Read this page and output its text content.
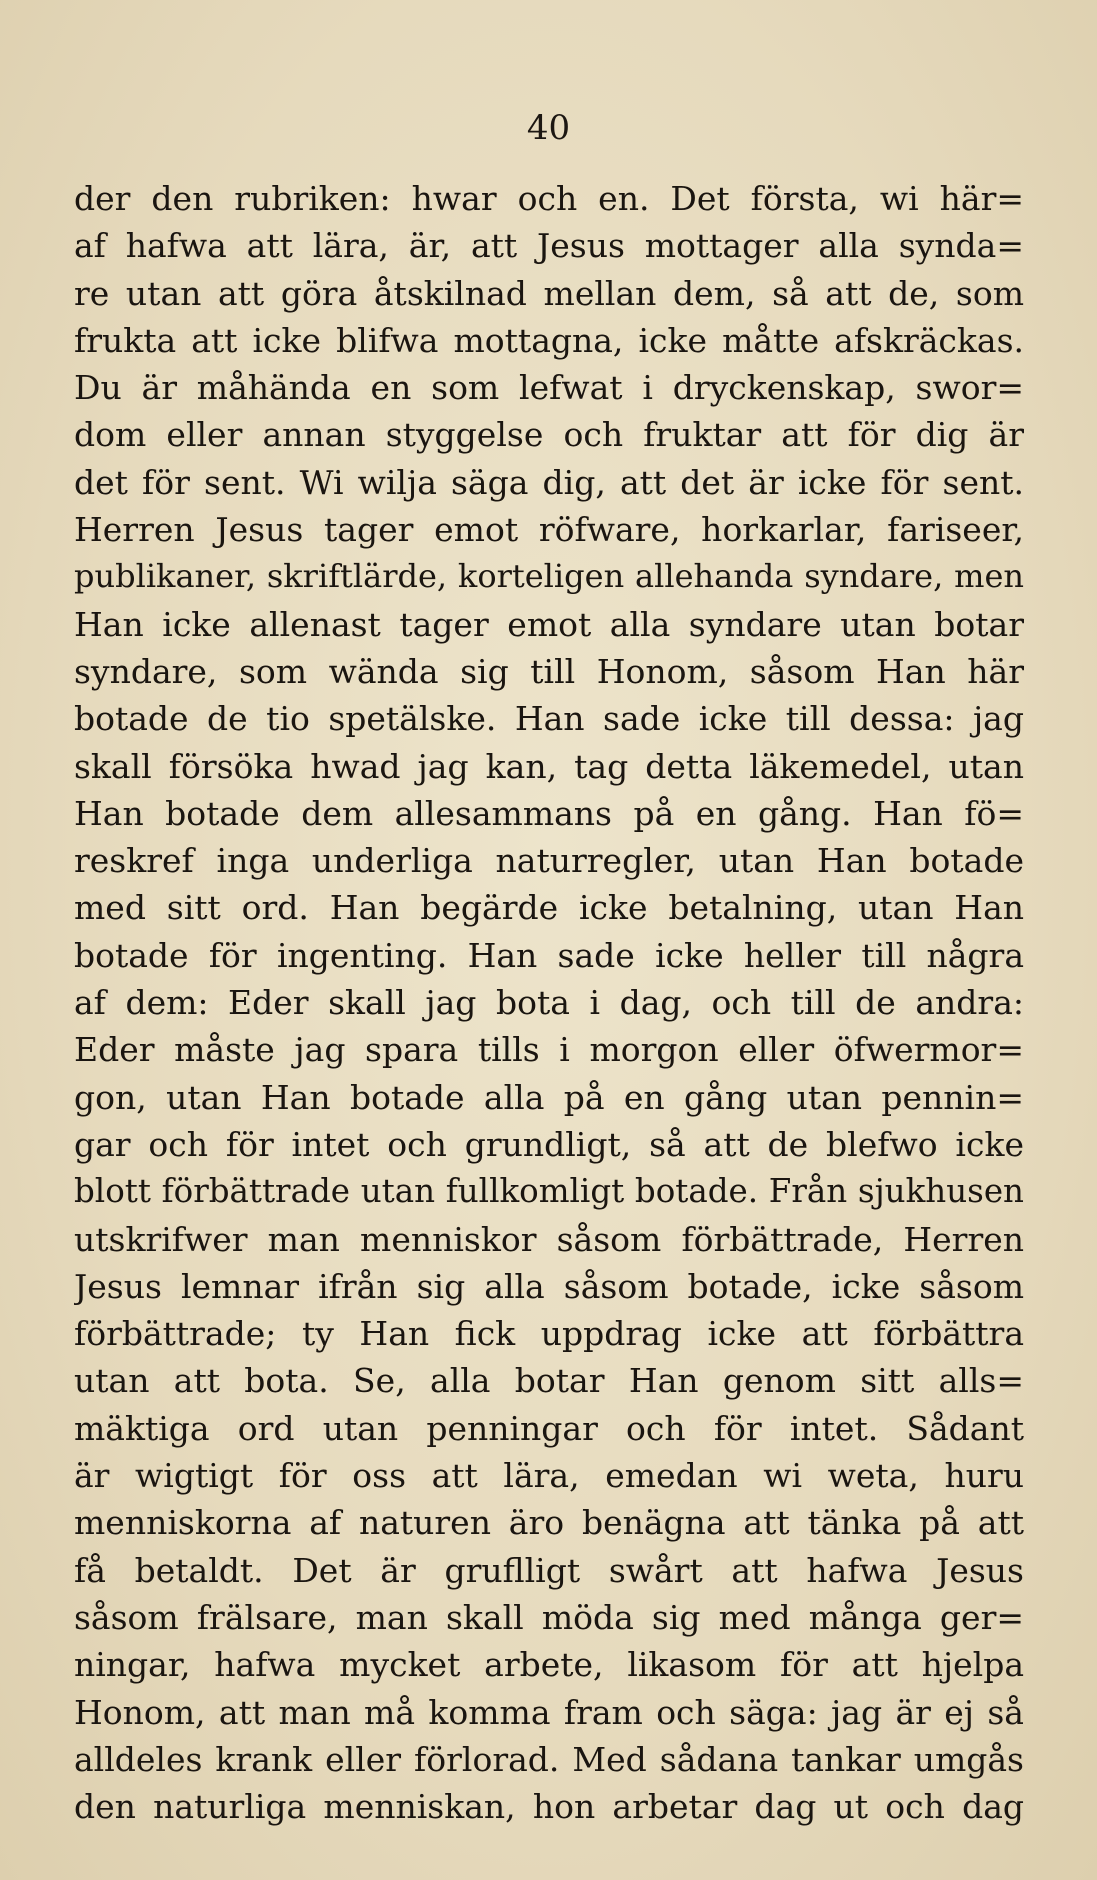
40
der den rubriken: hwar och en. Det första, wi här=
af hafwa att lära, är, att Jesus mottager alla synda=
re utan att göra åtskilnad mellan dem, så att de, som
frukta att icke blifwa mottagna, icke måtte afskräckas.
Du är måhända en som lefwat i dryckenskap, swor=
dom eller annan styggelse och fruktar att för dig är
det för sent. Wi wilja säga dig, att det är icke för sent.
Herren Jesus tager emot röfware, horkarlar, fariseer,
publikaner, skriftlärde, korteligen allehanda syndare, men
Han icke allenast tager emot alla syndare utan botar
syndare, som wända sig till Honom, såsom Han här
botade de tio spetälske. Han sade icke till dessa: jag
skall försöka hwad jag kan, tag detta läkemedel, utan
Han botade dem allesammans på en gång. Han fö=
reskref inga underliga naturregler, utan Han botade
med sitt ord. Han begärde icke betalning, utan Han
botade för ingenting. Han sade icke heller till några
af dem: Eder skall jag bota i dag, och till de andra:
Eder måste jag spara tills i morgon eller öfwermor=
gon, utan Han botade alla på en gång utan pennin=
gar och för intet och grundligt, så att de blefwo icke
blott förbättrade utan fullkomligt botade. Från sjukhusen
utskrifwer man menniskor såsom förbättrade, Herren
Jesus lemnar ifrån sig alla såsom botade, icke såsom
förbättrade; ty Han fick uppdrag icke att förbättra
utan att bota. Se, alla botar Han genom sitt alls=
mäktiga ord utan penningar och för intet. Sådant
är wigtigt för oss att lära, emedan wi weta, huru
menniskorna af naturen äro benägna att tänka på att
få betaldt. Det är gruflligt swårt att hafwa Jesus
såsom frälsare, man skall möda sig med många ger=
ningar, hafwa mycket arbete, likasom för att hjelpa
Honom, att man må komma fram och säga: jag är ej så
alldeles krank eller förlorad. Med sådana tankar umgås
den naturliga menniskan, hon arbetar dag ut och dag
